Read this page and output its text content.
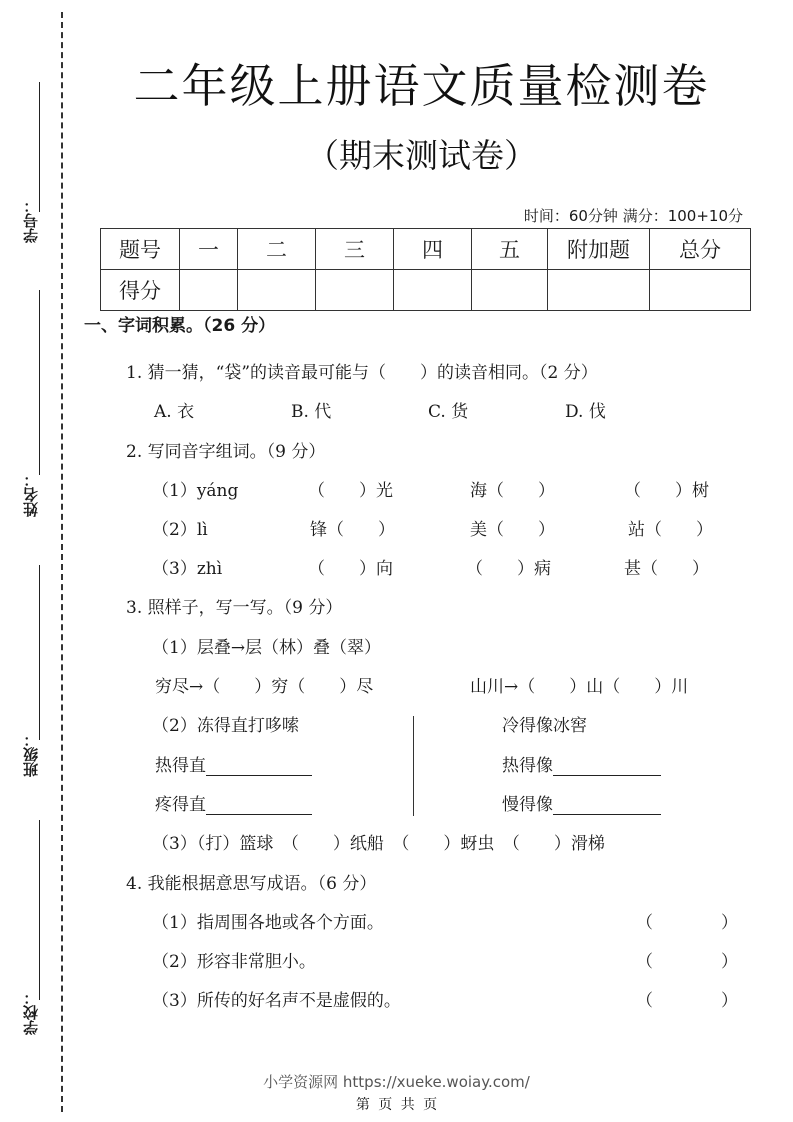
学号：
姓名：
班级：
学校：
二年级上册语文质量检测卷
（期末测试卷）
时间：60分钟 满分：100+10分
题号	一	二	三	四	五	附加题	总分
得分							
一、字词积累。（26 分）
1. 猜一猜，“袋”的读音最可能与（　　）的读音相同。（2 分）
A. 衣	B. 代	C. 货	D. 伐
2. 写同音字组词。（9 分）
（1）yáng	（　　）光	海（　　）	（　　）树
（2）lì	锋（　　）	美（　　）	站（　　）
（3）zhì	（　　）向	（　　）病	甚（　　）
3. 照样子，写一写。（9 分）
（1）层叠→层（林）叠（翠）
穷尽→（　　）穷（　　）尽	山川→（　　）山（　　）川
（2）冻得直打哆嗦
热得直
疼得直
冷得像冰窖
热得像
慢得像
（3）（打）篮球　（　　）纸船　（　　）蚜虫　（　　）滑梯
4. 我能根据意思写成语。（6 分）
（1）指周围各地或各个方面。	（　　　　）
（2）形容非常胆小。	（　　　　）
（3）所传的好名声不是虚假的。	（　　　　）
小学资源网 https://xueke.woiay.com/
第 页 共 页
